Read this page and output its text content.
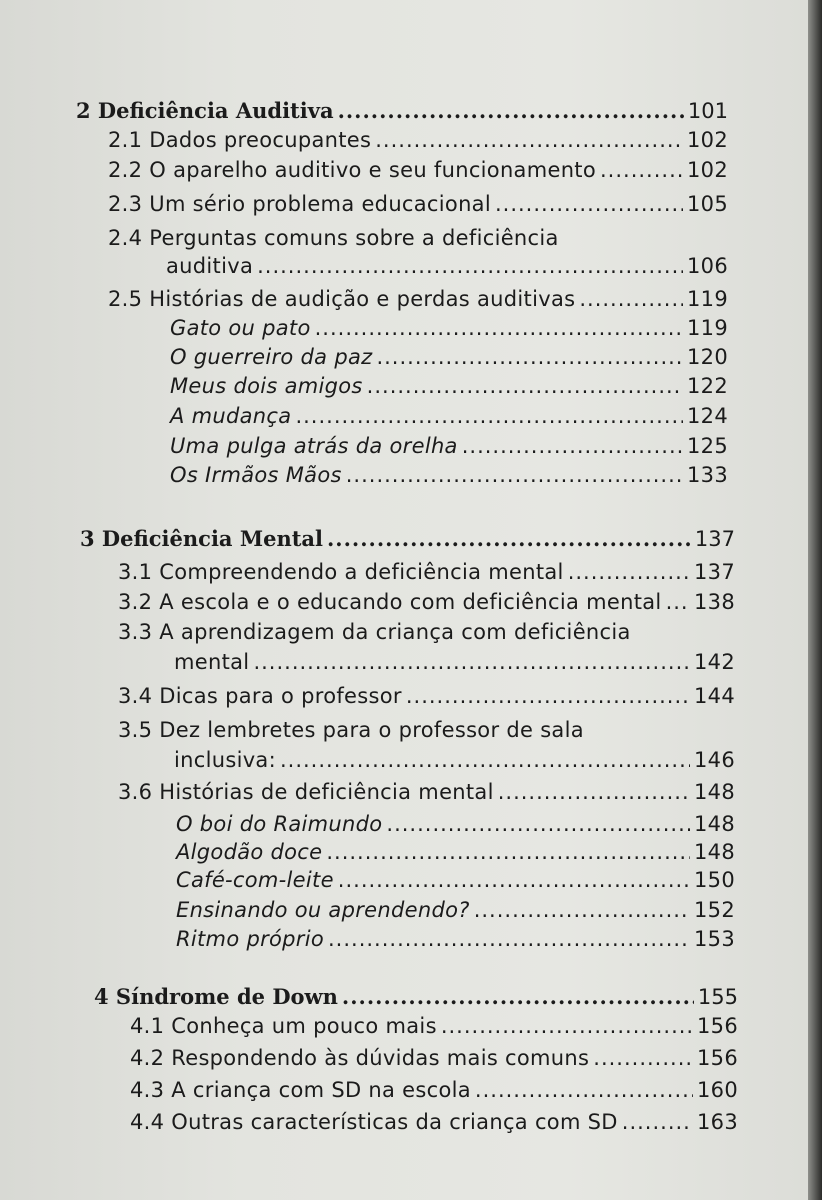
2 Deficiência Auditiva .....	101
2.1 Dados preocupantes .....	102
2.2 O aparelho auditivo e seu funcionamento .....	102
2.3 Um sério problema educacional .....	105
2.4 Perguntas comuns sobre a deficiência
auditiva .....	106
2.5 Histórias de audição e perdas auditivas .....	119
Gato ou pato .....	119
O guerreiro da paz .....	120
Meus dois amigos .....	122
A mudança .....	124
Uma pulga atrás da orelha .....	125
Os Irmãos Mãos .....	133
3 Deficiência Mental .....	137
3.1 Compreendendo a deficiência mental .....	137
3.2 A escola e o educando com deficiência mental ..... 138
3.3 A aprendizagem da criança com deficiência
mental .....	142
3.4 Dicas para o professor .....	144
3.5 Dez lembretes para o professor de sala
inclusiva: .....	146
3.6 Histórias de deficiência mental .....	148
O boi do Raimundo .....	148
Algodão doce .....	148
Café-com-leite .....	150
Ensinando ou aprendendo? .....	152
Ritmo próprio .....	153
4 Síndrome de Down .....	155
4.1 Conheça um pouco mais .....	156
4.2 Respondendo às dúvidas mais comuns .....	156
4.3 A criança com SD na escola .....	160
4.4 Outras características da criança com SD .....	163
